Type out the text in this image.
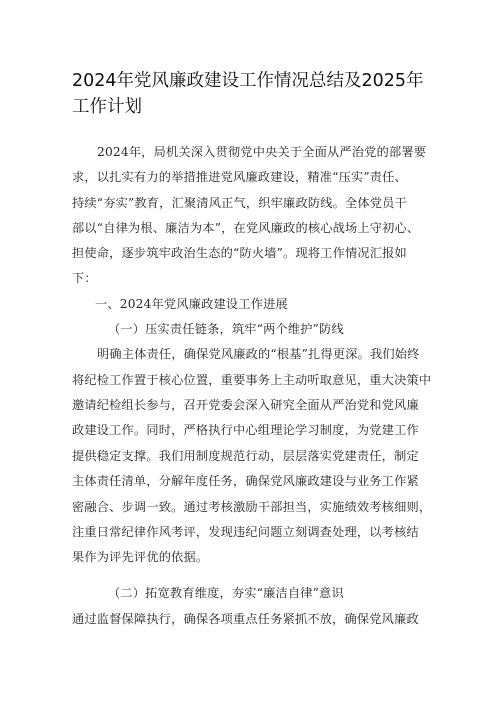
2024年党风廉政建设工作情况总结及2025年
工作计划
2024年，局机关深入贯彻党中央关于全面从严治党的部署要
求，以扎实有力的举措推进党风廉政建设，精准“压实”责任、
持续“夯实”教育，汇聚清风正气，织牢廉政防线。全体党员干
部以“自律为根、廉洁为本”，在党风廉政的核心战场上守初心、
担使命，逐步筑牢政治生态的“防火墙”。现将工作情况汇报如
下：
一、2024年党风廉政建设工作进展
（一）压实责任链条，筑牢“两个维护”防线
明确主体责任，确保党风廉政的“根基”扎得更深。我们始终
将纪检工作置于核心位置，重要事务上主动听取意见，重大决策中
邀请纪检组长参与，召开党委会深入研究全面从严治党和党风廉
政建设工作。同时，严格执行中心组理论学习制度，为党建工作
提供稳定支撑。我们用制度规范行动，层层落实党建责任，制定
主体责任清单，分解年度任务，确保党风廉政建设与业务工作紧
密融合、步调一致。通过考核激励干部担当，实施绩效考核细则，
注重日常纪律作风考评，发现违纪问题立刻调查处理，以考核结
果作为评先评优的依据。
（二）拓宽教育维度，夯实“廉洁自律”意识
通过监督保障执行，确保各项重点任务紧抓不放，确保党风廉政
